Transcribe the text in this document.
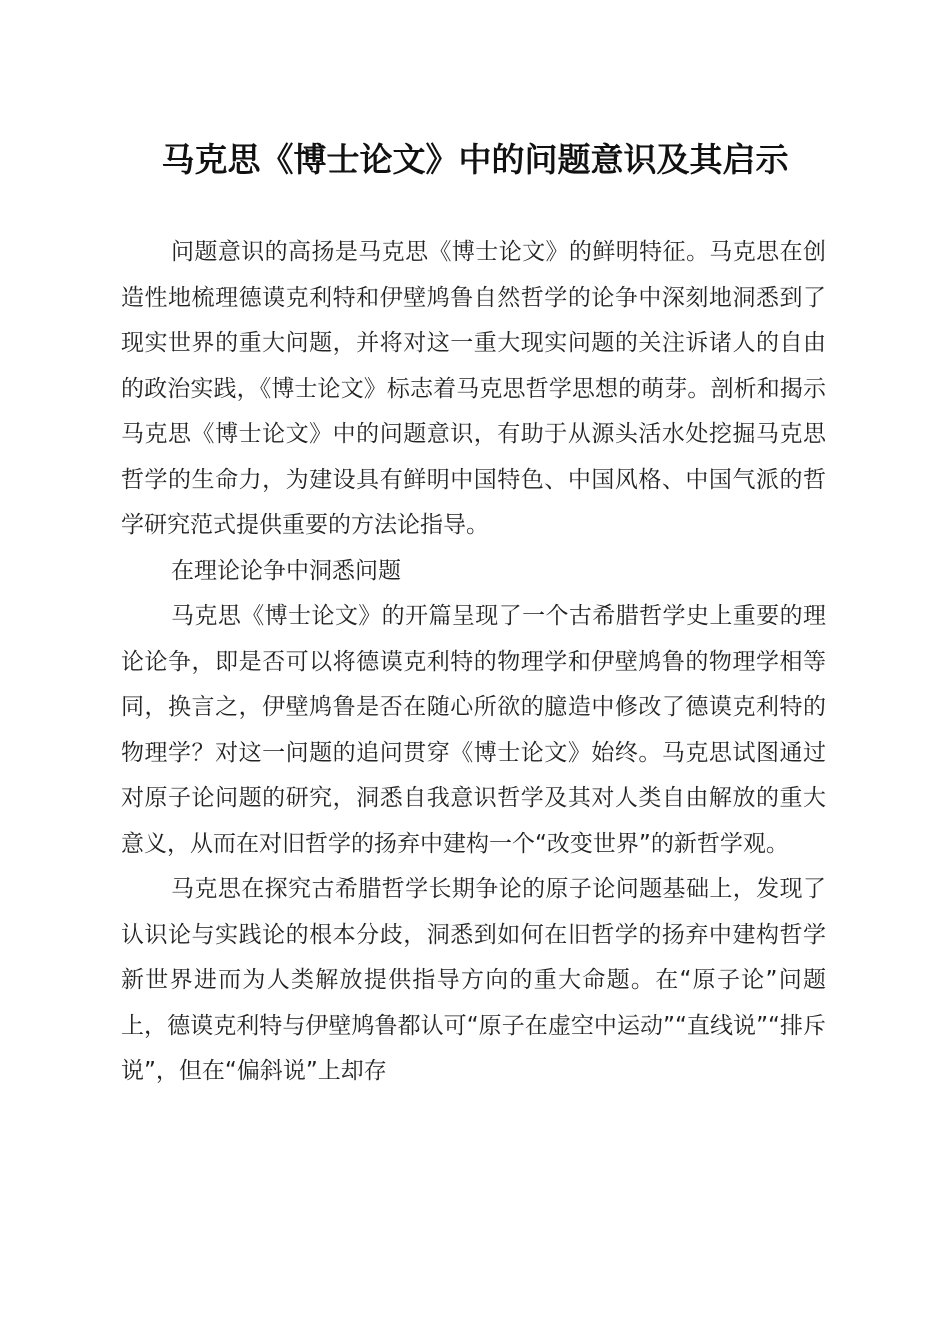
马克思《博士论文》中的问题意识及其启示

问题意识的高扬是马克思《博士论文》的鲜明特征。马克思在创造性地梳理德谟克利特和伊壁鸠鲁自然哲学的论争中深刻地洞悉到了现实世界的重大问题，并将对这一重大现实问题的关注诉诸人的自由的政治实践，《博士论文》标志着马克思哲学思想的萌芽。剖析和揭示马克思《博士论文》中的问题意识，有助于从源头活水处挖掘马克思哲学的生命力，为建设具有鲜明中国特色、中国风格、中国气派的哲学研究范式提供重要的方法论指导。

在理论论争中洞悉问题

马克思《博士论文》的开篇呈现了一个古希腊哲学史上重要的理论论争，即是否可以将德谟克利特的物理学和伊壁鸠鲁的物理学相等同，换言之，伊壁鸠鲁是否在随心所欲的臆造中修改了德谟克利特的物理学？对这一问题的追问贯穿《博士论文》始终。马克思试图通过对原子论问题的研究，洞悉自我意识哲学及其对人类自由解放的重大意义，从而在对旧哲学的扬弃中建构一个“改变世界”的新哲学观。

马克思在探究古希腊哲学长期争论的原子论问题基础上，发现了认识论与实践论的根本分歧，洞悉到如何在旧哲学的扬弃中建构哲学新世界进而为人类解放提供指导方向的重大命题。在“原子论”问题上，德谟克利特与伊壁鸠鲁都认可“原子在虚空中运动”“直线说”“排斥说”，但在“偏斜说”上却存
